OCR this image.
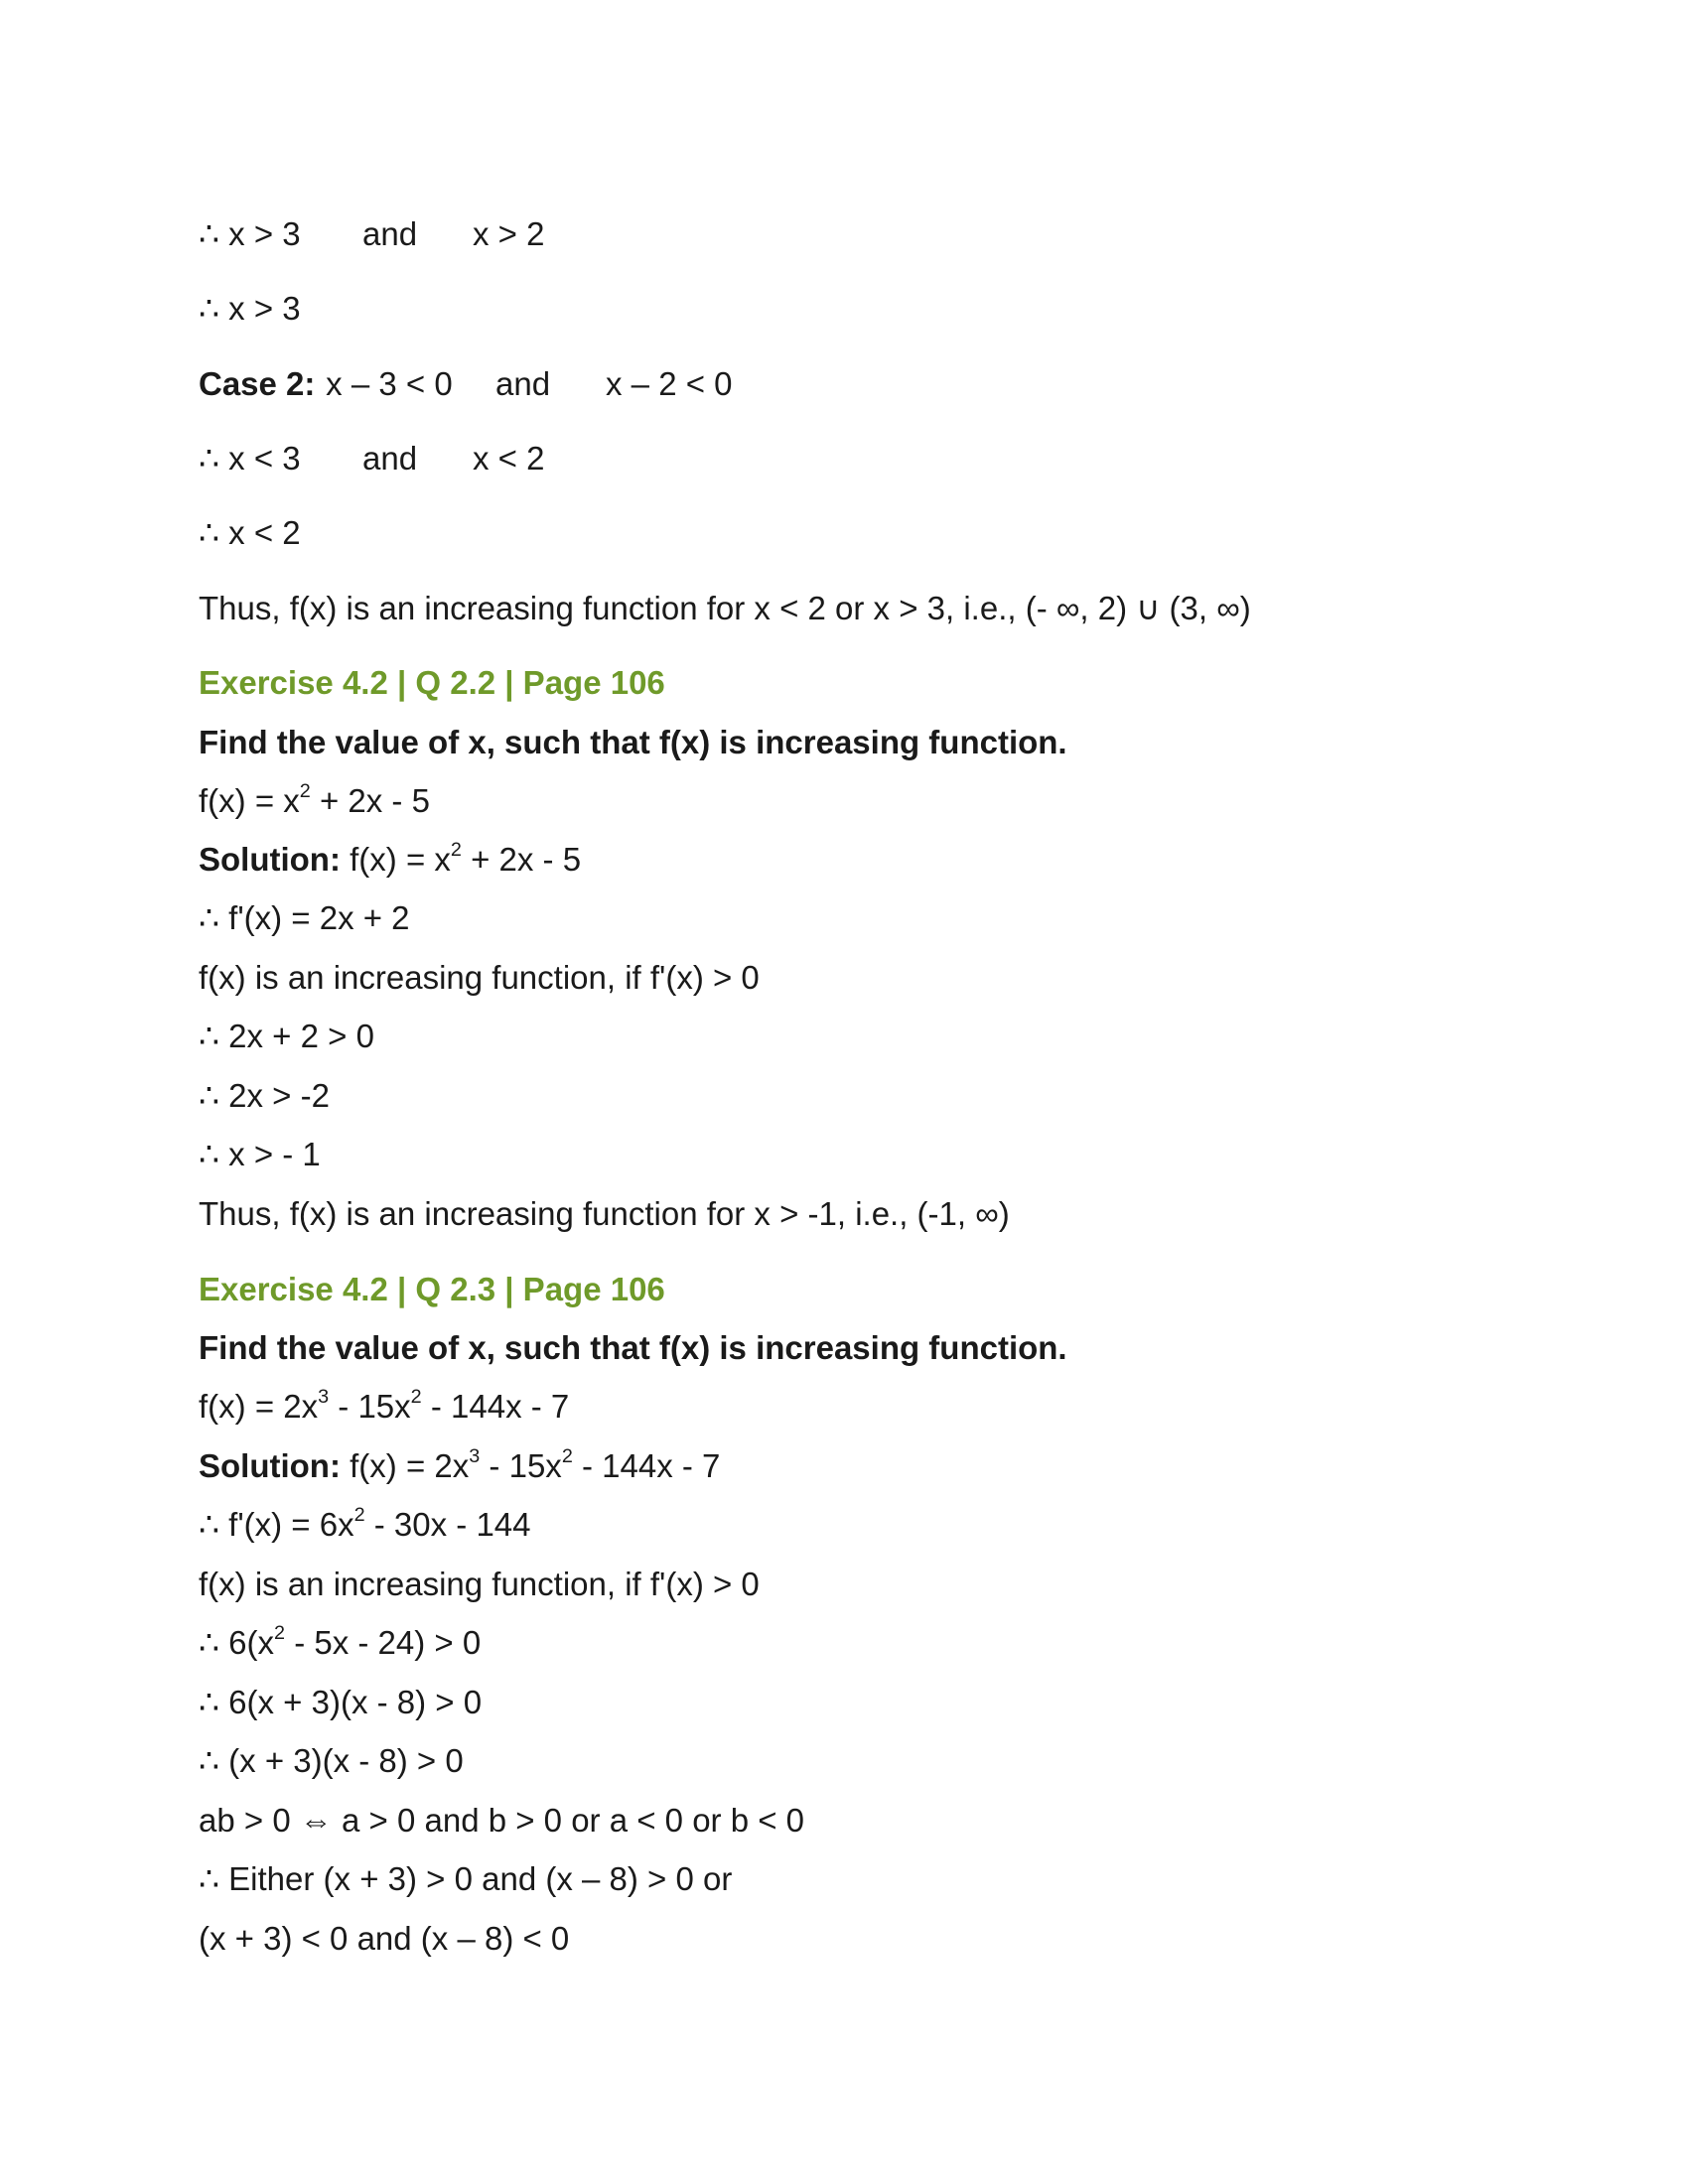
∴ x > 3

and

x > 2

∴ x > 3

Case 2:

x – 3 < 0

and

x – 2 < 0

∴ x < 3

and

x < 2

∴ x < 2
Thus, f(x) is an increasing function for x < 2 or x > 3, i.e., (- ∞, 2) ∪ (3, ∞)
Exercise 4.2 | Q 2.2 | Page 106
Find the value of x, such that f(x) is increasing function.
$f(x) = x^2 + 2x - 5$
Solution: $f(x) = x^2 + 2x - 5$
∴ f'(x) = 2x + 2
f(x) is an increasing function, if f'(x) > 0
∴ 2x + 2 > 0
∴ 2x > -2
∴ x > - 1
Thus, f(x) is an increasing function for x > -1, i.e., (-1, ∞)
Exercise 4.2 | Q 2.3 | Page 106
Find the value of x, such that f(x) is increasing function.
$f(x) = 2x^3 - 15x^2 - 144x - 7$
Solution: $f(x) = 2x^3 - 15x^2 - 144x - 7$
∴ $f'(x) = 6x^2 - 30x - 144$
f(x) is an increasing function, if f'(x) > 0
∴ $6(x^2 - 5x - 24) > 0$
∴ 6(x + 3)(x - 8) > 0
∴ (x + 3)(x - 8) > 0
ab > 0 ⇔ a > 0 and b > 0 or a < 0 or b < 0
∴ Either (x + 3) > 0 and (x – 8) > 0 or
(x + 3) < 0 and (x – 8) < 0
